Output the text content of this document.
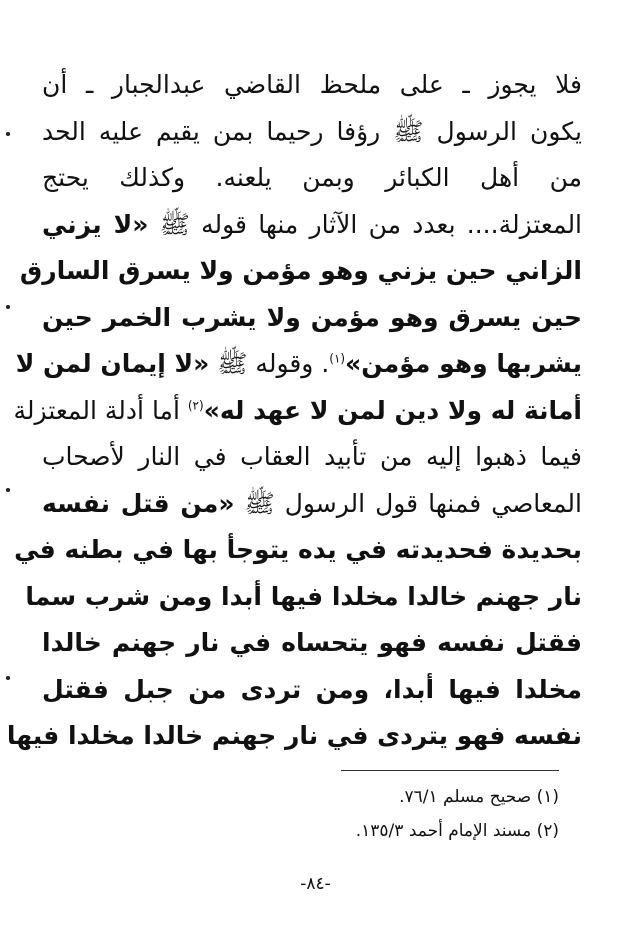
فلا يجوز ـ على ملحظ القاضي عبدالجبار ـ أن
يكون الرسول ﷺ رؤفا رحيما بمن يقيم عليه الحد
من أهل الكبائر وبمن يلعنه. وكذلك يحتج
المعتزلة.... بعدد من الآثار منها قوله ﷺ «لا يزني
الزاني حين يزني وهو مؤمن ولا يسرق السارق
حين يسرق وهو مؤمن ولا يشرب الخمر حين
يشربها وهو مؤمن»$^{(١)}$. وقوله ﷺ «لا إيمان لمن لا
أمانة له ولا دين لمن لا عهد له»$^{(٢)}$ أما أدلة المعتزلة
فيما ذهبوا إليه من تأبيد العقاب في النار لأصحاب
المعاصي فمنها قول الرسول ﷺ «من قتل نفسه
بحديدة فحديدته في يده يتوجأ بها في بطنه في
نار جهنم خالدا مخلدا فيها أبدا ومن شرب سما
فقتل نفسه فهو يتحساه في نار جهنم خالدا
مخلدا فيها أبدا، ومن تردى من جبل فقتل
نفسه فهو يتردى في نار جهنم خالدا مخلدا فيها
(١) صحيح مسلم ٧٦/١.
(٢) مسند الإمام أحمد ١٣٥/٣.
-٨٤-
